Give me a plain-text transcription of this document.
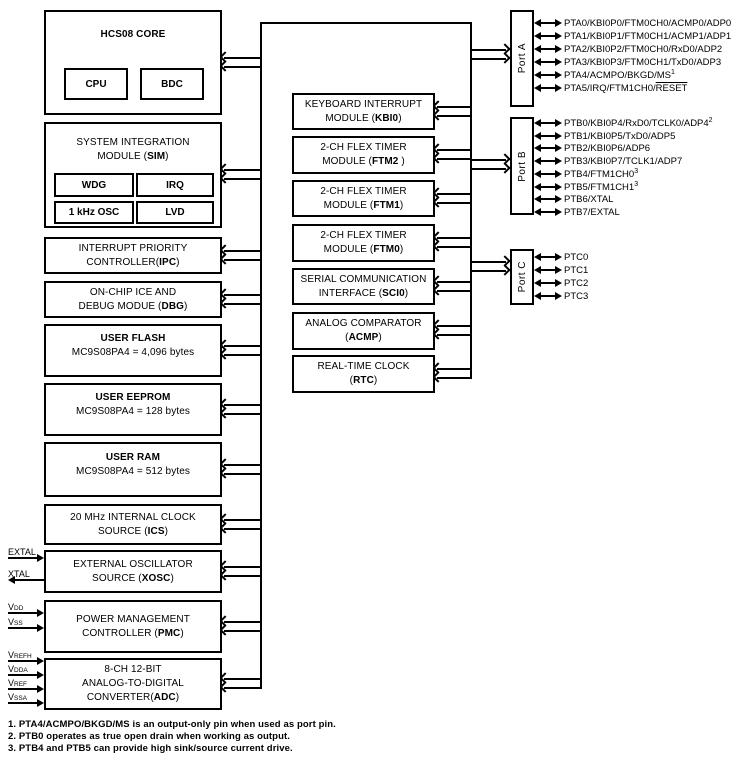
1. PTA4/ACMPO/BKGD/MS is an output-only pin when used as port pin.
2. PTB0 operates as true open drain when working as output.
3. PTB4 and PTB5 can provide high sink/source current drive.
HCS08 CORE
CPU	BDC
SYSTEM INTEGRATION
MODULE (SIM)
WDG	IRQ
1 kHz OSC	LVD
INTERRUPT PRIORITY
CONTROLLER(IPC)
ON-CHIP ICE AND
DEBUG MODUE (DBG)
USER FLASH
MC9S08PA4 = 4,096 bytes
USER EEPROM
MC9S08PA4 = 128 bytes
USER RAM
MC9S08PA4 = 512 bytes
20 MHz INTERNAL CLOCK
SOURCE (ICS)
EXTERNAL OSCILLATOR
SOURCE (XOSC)
POWER MANAGEMENT
CONTROLLER (PMC)
8-CH 12-BIT
ANALOG-TO-DIGITAL
CONVERTER(ADC)
KEYBOARD INTERRUPT
MODULE (KBI0)
2-CH FLEX TIMER
MODULE (FTM2 )
2-CH FLEX TIMER
MODULE (FTM1)
2-CH FLEX TIMER
MODULE (FTM0)
SERIAL COMMUNICATION
INTERFACE (SCI0)
ANALOG COMPARATOR
(ACMP)
REAL-TIME CLOCK
(RTC)
Port A
PTA0/KBI0P0/FTM0CH0/ACMP0/ADP0
PTA1/KBI0P1/FTM0CH1/ACMP1/ADP1
PTA2/KBI0P2/FTM0CH0/RxD0/ADP2
PTA3/KBI0P3/FTM0CH1/TxD0/ADP3
$PTA4/ACMPO/BKGD/MS^1$
PTA5/IRQ/FTM1CH0/RESET
Port B
$PTB0/KBI0P4/RxD0/TCLK0/ADP4^2$
PTB1/KBI0P5/TxD0/ADP5
PTB2/KBI0P6/ADP6
PTB3/KBI0P7/TCLK1/ADP7
$PTB4/FTM1CH0^3$
$PTB5/FTM1CH1^3$
PTB6/XTAL
PTB7/EXTAL
Port C
PTC0
PTC1
PTC2
PTC3
EXTAL
XTAL
V DD
V SS
V REFH
V DDA
V REF
V SSA
